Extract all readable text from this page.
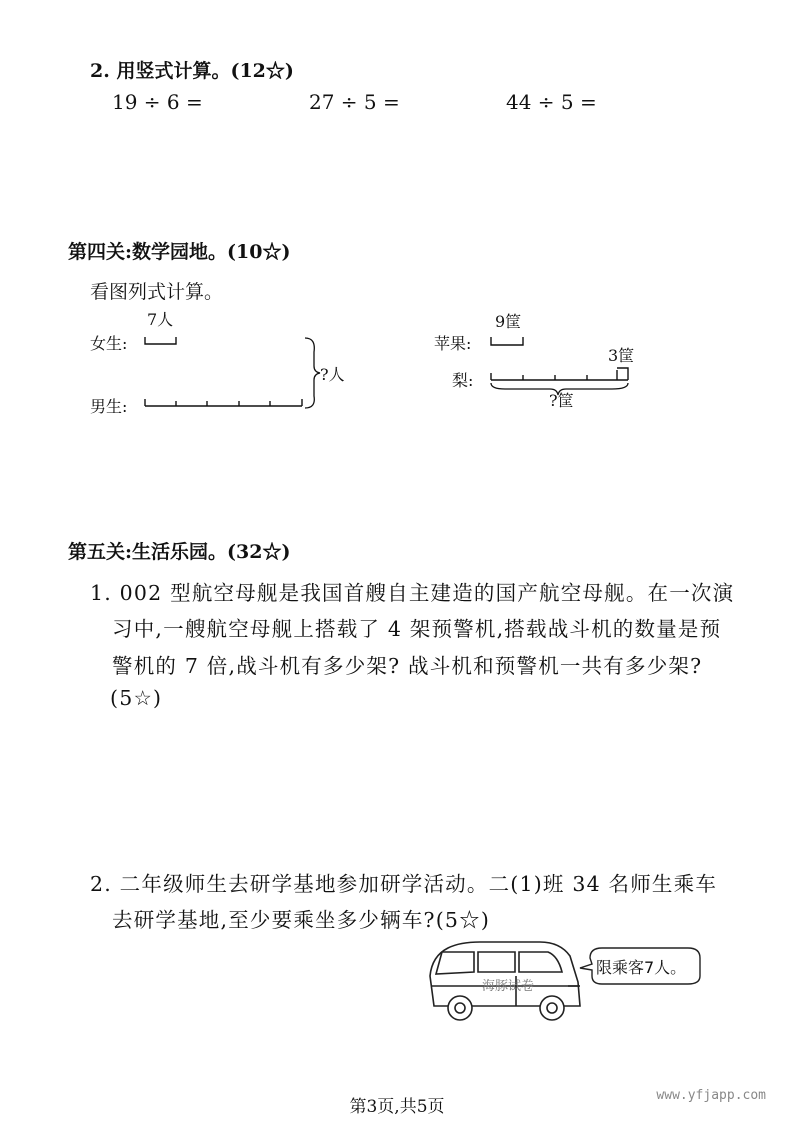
2. 用竖式计算。(12☆)
19 ÷ 6 =	27 ÷ 5 =	44 ÷ 5 =
第四关:数学园地。(10☆)
看图列式计算。
7人
女生:
男生:
?人
9筐
苹果:
3筐
梨:
?筐
第五关:生活乐园。(32☆)
1. 002 型航空母舰是我国首艘自主建造的国产航空母舰。在一次演
习中,一艘航空母舰上搭载了 4 架预警机,搭载战斗机的数量是预
警机的 7 倍,战斗机有多少架? 战斗机和预警机一共有多少架?
(5☆)
2. 二年级师生去研学基地参加研学活动。二(1)班 34 名师生乘车
去研学基地,至少要乘坐多少辆车?(5☆)
海豚试卷
限乘客7人。
第3页,共5页
www.yfjapp.com
